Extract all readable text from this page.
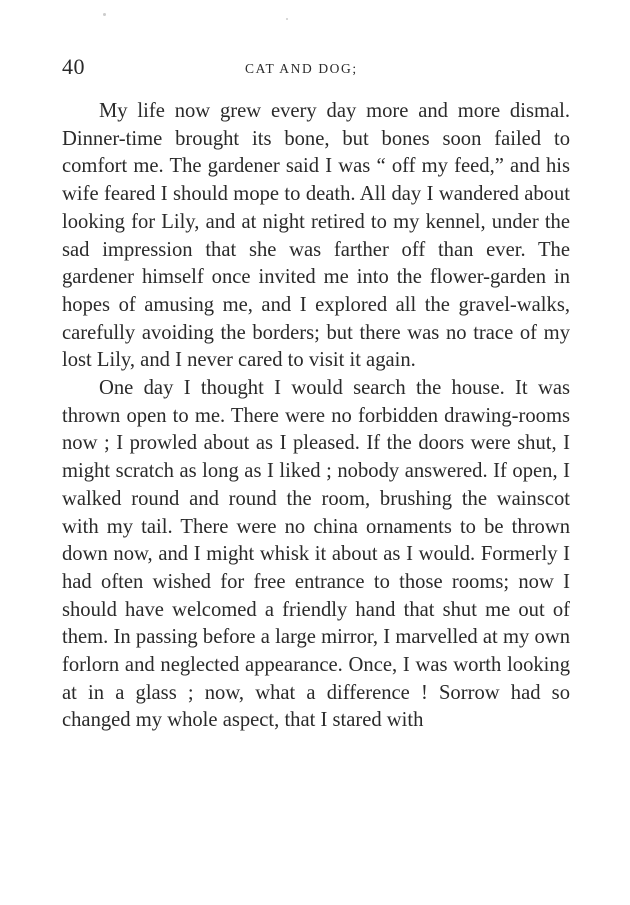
40	CAT AND DOG;

My life now grew every day more and more dismal. Dinner-time brought its bone, but bones soon failed to comfort me. The gardener said I was “ off my feed,” and his wife feared I should mope to death. All day I wandered about looking for Lily, and at night retired to my kennel, under the sad impression that she was farther off than ever. The gardener himself once invited me into the flower-garden in hopes of amusing me, and I explored all the gravel-walks, carefully avoiding the borders; but there was no trace of my lost Lily, and I never cared to visit it again.

One day I thought I would search the house. It was thrown open to me. There were no forbidden drawing-rooms now ; I prowled about as I pleased. If the doors were shut, I might scratch as long as I liked ; nobody answered. If open, I walked round and round the room, brushing the wainscot with my tail. There were no china ornaments to be thrown down now, and I might whisk it about as I would. Formerly I had often wished for free entrance to those rooms; now I should have welcomed a friendly hand that shut me out of them. In passing before a large mirror, I marvelled at my own forlorn and neglected appearance. Once, I was worth looking at in a glass ; now, what a difference ! Sorrow had so changed my whole aspect, that I stared with
